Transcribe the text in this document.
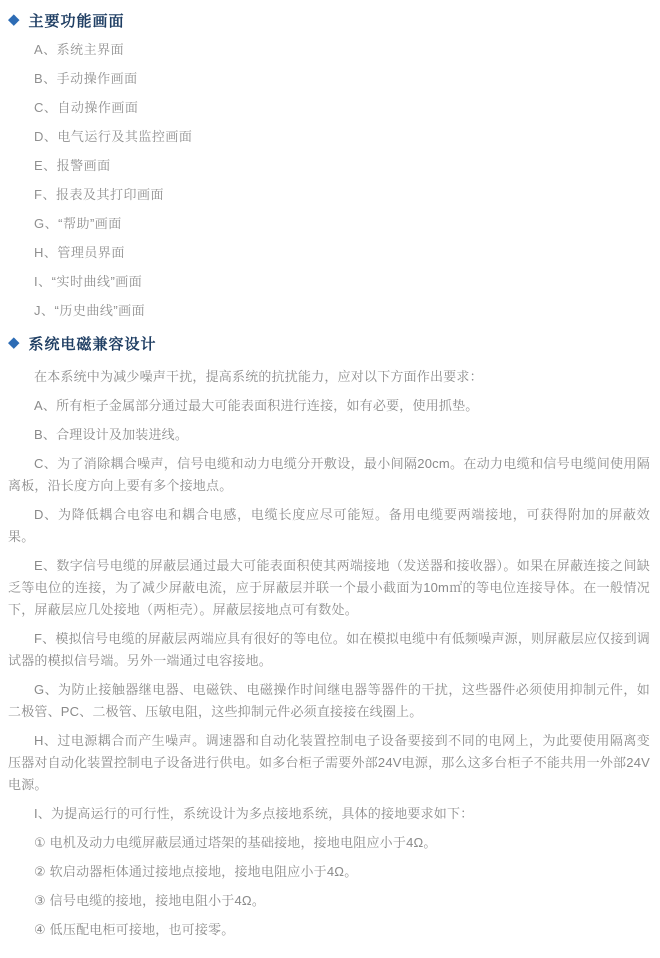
◆ 主要功能画面
A、系统主界面
B、手动操作画面
C、自动操作画面
D、电气运行及其监控画面
E、报警画面
F、报表及其打印画面
G、“帮助”画面
H、管理员界面
I、“实时曲线”画面
J、“历史曲线”画面
◆ 系统电磁兼容设计

在本系统中为减少噪声干扰，提高系统的抗扰能力，应对以下方面作出要求：

A、所有柜子金属部分通过最大可能表面积进行连接，如有必要，使用抓垫。

B、合理设计及加装进线。

C、为了消除耦合噪声，信号电缆和动力电缆分开敷设，最小间隔20cm。在动力电缆和信号电缆间使用隔离板，沿长度方向上要有多个接地点。

D、为降低耦合电容电和耦合电感，电缆长度应尽可能短。备用电缆要两端接地，可获得附加的屏蔽效果。

E、数字信号电缆的屏蔽层通过最大可能表面积使其两端接地（发送器和接收器）。如果在屏蔽连接之间缺乏等电位的连接，为了减少屏蔽电流，应于屏蔽层并联一个最小截面为10m㎡的等电位连接导体。在一般情况下，屏蔽层应几处接地（两柜壳）。屏蔽层接地点可有数处。

F、模拟信号电缆的屏蔽层两端应具有很好的等电位。如在模拟电缆中有低频噪声源，则屏蔽层应仅接到调试器的模拟信号端。另外一端通过电容接地。

G、为防止接触器继电器、电磁铁、电磁操作时间继电器等器件的干扰，这些器件必须使用抑制元件，如二极管、PC、二极管、压敏电阻，这些抑制元件必须直接接在线圈上。

H、过电源耦合而产生噪声。调速器和自动化装置控制电子设备要接到不同的电网上，为此要使用隔离变压器对自动化装置控制电子设备进行供电。如多台柜子需要外部24V电源，那么这多台柜子不能共用一外部24V电源。

I、为提高运行的可行性，系统设计为多点接地系统，具体的接地要求如下：

① 电机及动力电缆屏蔽层通过塔架的基础接地，接地电阻应小于4Ω。

② 软启动器柜体通过接地点接地，接地电阻应小于4Ω。

③ 信号电缆的接地，接地电阻小于4Ω。

④ 低压配电柜可接地，也可接零。
